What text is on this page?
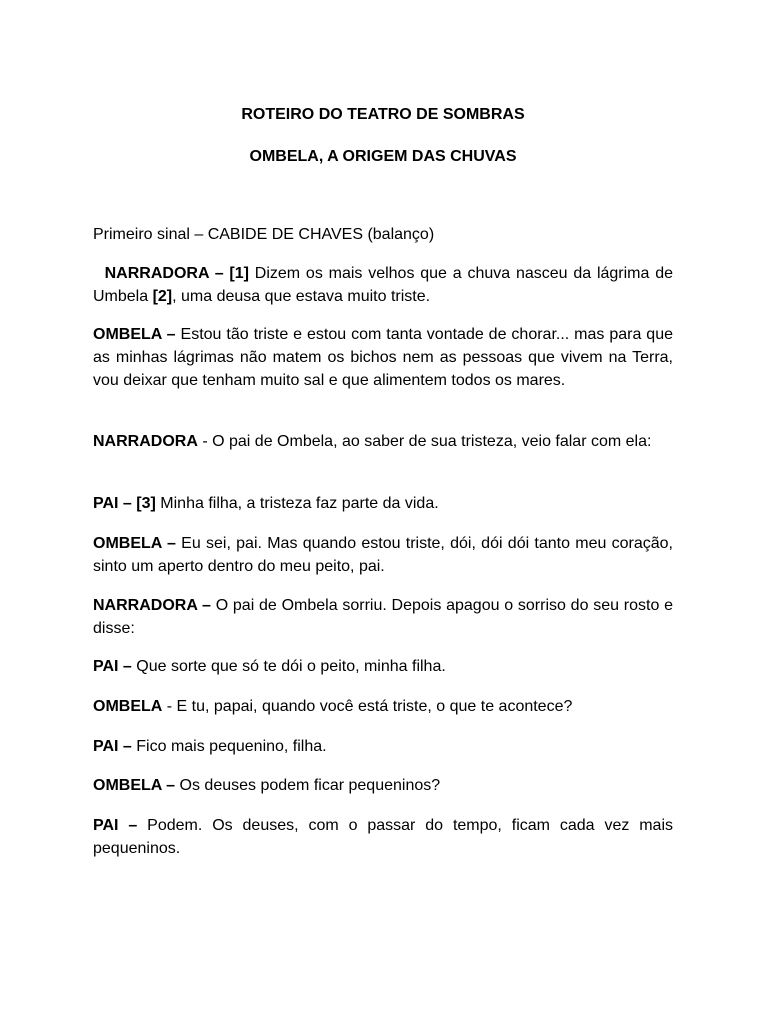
ROTEIRO DO TEATRO DE SOMBRAS
OMBELA, A ORIGEM DAS CHUVAS

Primeiro sinal – CABIDE DE CHAVES (balanço)

NARRADORA – [1] Dizem os mais velhos que a chuva nasceu da lágrima de Umbela [2], uma deusa que estava muito triste.

OMBELA – Estou tão triste e estou com tanta vontade de chorar... mas para que as minhas lágrimas não matem os bichos nem as pessoas que vivem na Terra, vou deixar que tenham muito sal e que alimentem todos os mares.

NARRADORA - O pai de Ombela, ao saber de sua tristeza, veio falar com ela:

PAI – [3] Minha filha, a tristeza faz parte da vida.

OMBELA – Eu sei, pai. Mas quando estou triste, dói, dói dói tanto meu coração, sinto um aperto dentro do meu peito, pai.

NARRADORA – O pai de Ombela sorriu. Depois apagou o sorriso do seu rosto e disse:

PAI – Que sorte que só te dói o peito, minha filha.

OMBELA - E tu, papai, quando você está triste, o que te acontece?

PAI – Fico mais pequenino, filha.

OMBELA – Os deuses podem ficar pequeninos?

PAI – Podem. Os deuses, com o passar do tempo, ficam cada vez mais pequeninos.
